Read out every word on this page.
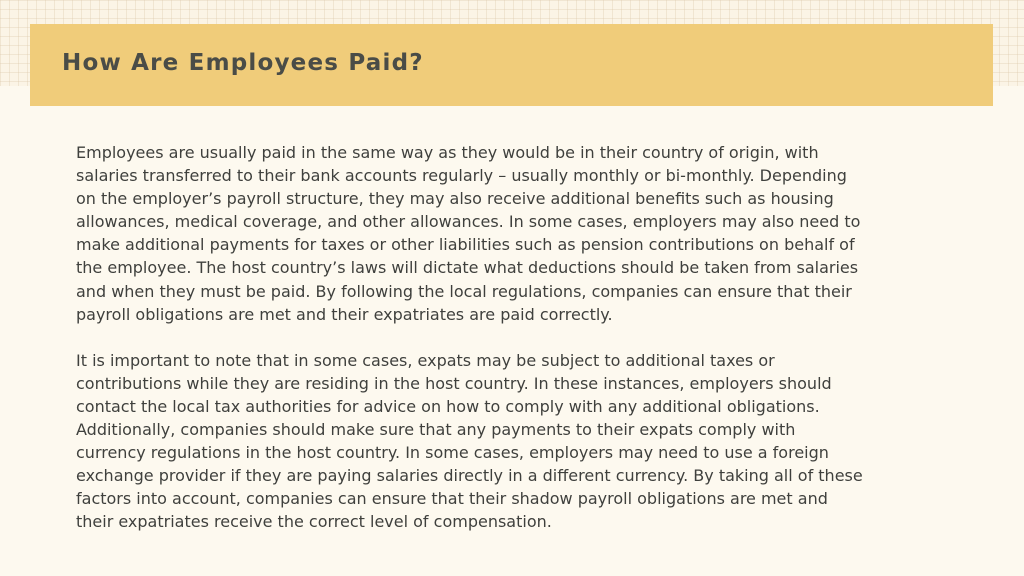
How Are Employees Paid?

Employees are usually paid in the same way as they would be in their country of origin, with
salaries transferred to their bank accounts regularly – usually monthly or bi-monthly. Depending
on the employer’s payroll structure, they may also receive additional benefits such as housing
allowances, medical coverage, and other allowances. In some cases, employers may also need to
make additional payments for taxes or other liabilities such as pension contributions on behalf of
the employee. The host country’s laws will dictate what deductions should be taken from salaries
and when they must be paid. By following the local regulations, companies can ensure that their
payroll obligations are met and their expatriates are paid correctly.

It is important to note that in some cases, expats may be subject to additional taxes or
contributions while they are residing in the host country. In these instances, employers should
contact the local tax authorities for advice on how to comply with any additional obligations.
Additionally, companies should make sure that any payments to their expats comply with
currency regulations in the host country. In some cases, employers may need to use a foreign
exchange provider if they are paying salaries directly in a different currency. By taking all of these
factors into account, companies can ensure that their shadow payroll obligations are met and
their expatriates receive the correct level of compensation.
